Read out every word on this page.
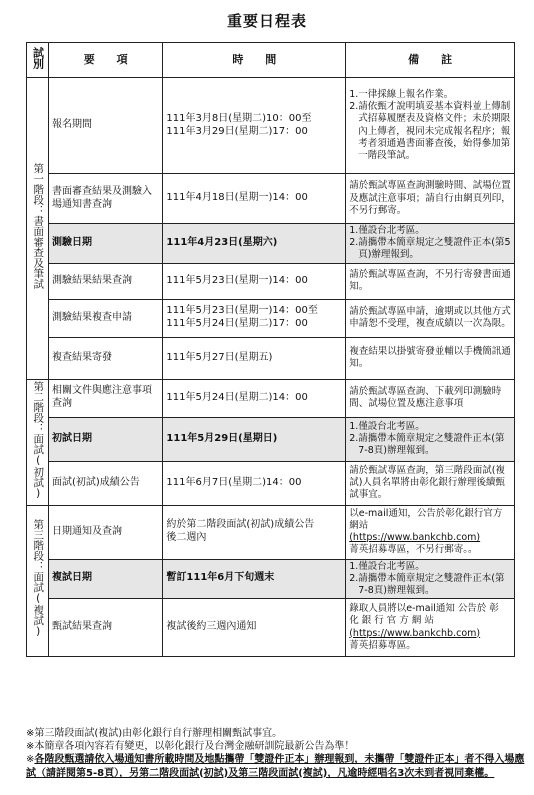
重要日程表
試別	要　　項	時　　間	備　　註
第一階段：書面審查及筆試	報名期間	111年3月8日(星期二)10：00至
111年3月29日(星期二)17：00	1.一律採線上報名作業。
2.請依甄才說明填妥基本資料並上傳制式招募履歷表及資格文件；未於期限內上傳者，視同未完成報名程序；報考者須通過書面審查後，始得參加第一階段筆試。

	書面審查結果及測驗入場通知書查詢	111年4月18日(星期一)14：00	請於甄試專區查詢測驗時間、試場位置及應試注意事項；請自行由網頁列印，不另行郵寄。

	測驗日期	111年4月23日(星期六)	1.僅設台北考區。
2.請攜帶本簡章規定之雙證件正本(第5頁)辦理報到。

	測驗結果結果查詢	111年5月23日(星期一)14：00	請於甄試專區查詢，不另行寄發書面通知。

	測驗結果複查申請	111年5月23日(星期一)14：00至
111年5月24日(星期二)17：00	請於甄試專區申請，逾期或以其他方式申請恕不受理，複查成績以一次為限。

	複查結果寄發	111年5月27日(星期五)	複查結果以掛號寄發並輔以手機簡訊通知。

第二階段：面試(初試)	相關文件與應注意事項查詢	111年5月24日(星期二)14：00	請於甄試專區查詢、下載列印測驗時間、試場位置及應注意事項

	初試日期	111年5月29日(星期日)	1.僅設台北考區。
2.請攜帶本簡章規定之雙證件正本(第7-8頁)辦理報到。

	面試(初試)成績公告	111年6月7日(星期二)14：00	請於甄試專區查詢，第三階段面試(複試)人員名單將由彰化銀行辦理後續甄試事宜。

第三階段：面試(複試)	日期通知及查詢	約於第二階段面試(初試)成績公告
後二週內	以e-mail通知，公告於彰化銀行官方網站
(https://www.bankchb.com)
菁英招募專區，不另行郵寄。。

	複試日期	暫訂111年6月下旬週末	1.僅設台北考區。
2.請攜帶本簡章規定之雙證件正本(第7-8頁)辦理報到。

	甄試結果查詢	複試後約三週內通知	錄取人員將以e-mail通知 公告於 彰 化 銀 行 官 方 網 站
(https://www.bankchb.com)
菁英招募專區。
※第三階段面試(複試)由彰化銀行自行辦理相關甄試事宜。
※本簡章各項內容若有變更，以彰化銀行及台灣金融研訓院最新公告為準！
※各階段甄選請依入場通知書所載時間及地點攜帶「雙證件正本」辦理報到，未攜帶「雙證件正本」者不得入場應試（請詳閱第5-8頁），另第二階段面試(初試)及第三階段面試(複試)，凡逾時經唱名3次未到者視同棄權。
